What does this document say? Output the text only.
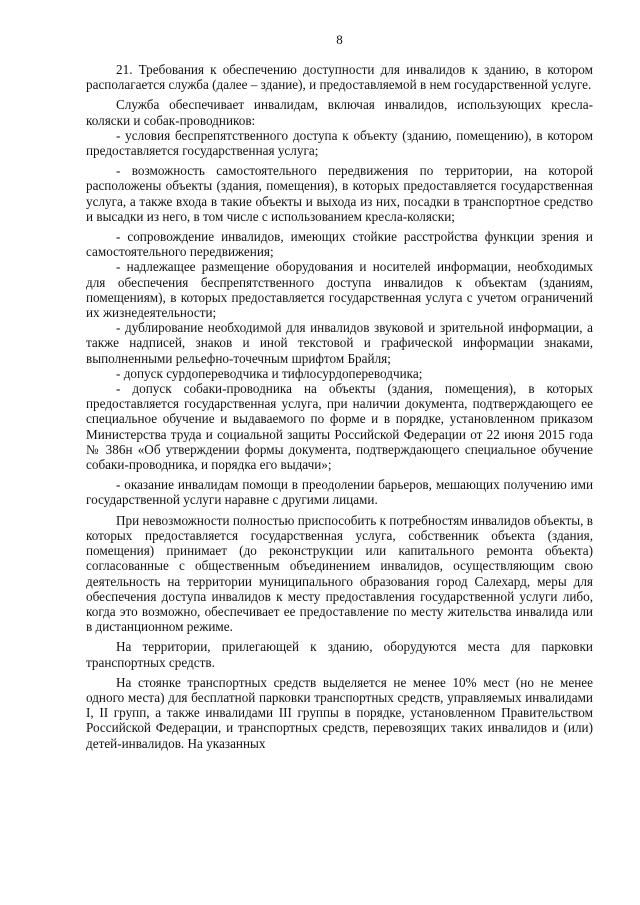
8

21. Требования к обеспечению доступности для инвалидов к зданию, в котором располагается служба (далее – здание), и предоставляемой в нем государственной услуге.

Служба обеспечивает инвалидам, включая инвалидов, использующих кресла-коляски и собак-проводников:

- условия беспрепятственного доступа к объекту (зданию, помещению), в котором предоставляется государственная услуга;

- возможность самостоятельного передвижения по территории, на которой расположены объекты (здания, помещения), в которых предоставляется государственная услуга, а также входа в такие объекты и выхода из них, посадки в транспортное средство и высадки из него, в том числе с использованием кресла-коляски;

- сопровождение инвалидов, имеющих стойкие расстройства функции зрения и самостоятельного передвижения;

- надлежащее размещение оборудования и носителей информации, необходимых для обеспечения беспрепятственного доступа инвалидов к объектам (зданиям, помещениям), в которых предоставляется государственная услуга с учетом ограничений их жизнедеятельности;

- дублирование необходимой для инвалидов звуковой и зрительной информации, а также надписей, знаков и иной текстовой и графической информации знаками, выполненными рельефно-точечным шрифтом Брайля;

- допуск сурдопереводчика и тифлосурдопереводчика;

- допуск собаки-проводника на объекты (здания, помещения), в которых предоставляется государственная услуга, при наличии документа, подтверждающего ее специальное обучение и выдаваемого по форме и в порядке, установленном приказом Министерства труда и социальной защиты Российской Федерации от 22 июня 2015 года № 386н «Об утверждении формы документа, подтверждающего специальное обучение собаки-проводника, и порядка его выдачи»;

- оказание инвалидам помощи в преодолении барьеров, мешающих получению ими государственной услуги наравне с другими лицами.

При невозможности полностью приспособить к потребностям инвалидов объекты, в которых предоставляется государственная услуга, собственник объекта (здания, помещения) принимает (до реконструкции или капитального ремонта объекта) согласованные с общественным объединением инвалидов, осуществляющим свою деятельность на территории муниципального образования город Салехард, меры для обеспечения доступа инвалидов к месту предоставления государственной услуги либо, когда это возможно, обеспечивает ее предоставление по месту жительства инвалида или в дистанционном режиме.

На территории, прилегающей к зданию, оборудуются места для парковки транспортных средств.

На стоянке транспортных средств выделяется не менее 10% мест (но не менее одного места) для бесплатной парковки транспортных средств, управляемых инвалидами I, II групп, а также инвалидами III группы в порядке, установленном Правительством Российской Федерации, и транспортных средств, перевозящих таких инвалидов и (или) детей-инвалидов. На указанных
